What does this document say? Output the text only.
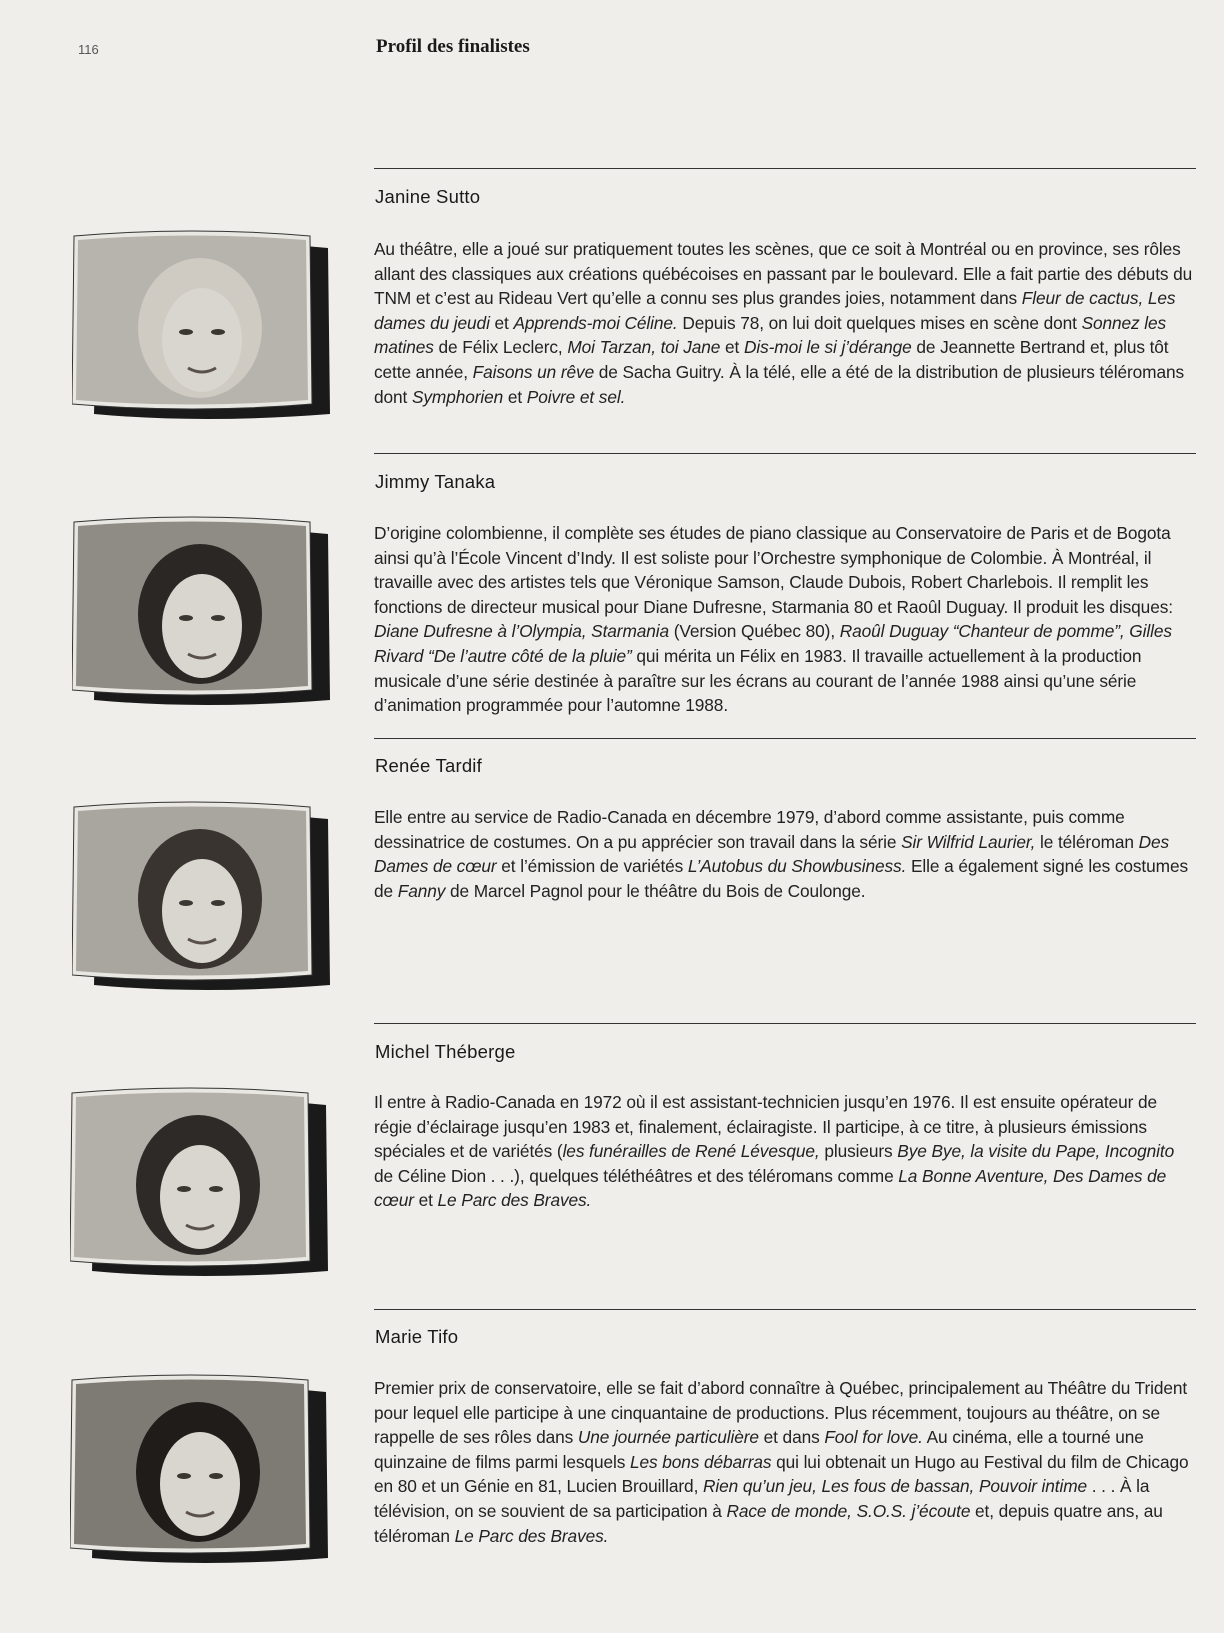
116	Profil des finalistes
Janine Sutto
Au théâtre, elle a joué sur pratiquement toutes les scènes, que ce soit à Montréal ou en province, ses rôles allant des classiques aux créations québécoises en passant par le boulevard. Elle a fait partie des débuts du TNM et c’est au Rideau Vert qu’elle a connu ses plus grandes joies, notamment dans Fleur de cactus, Les dames du jeudi et Apprends-moi Céline. Depuis 78, on lui doit quelques mises en scène dont Sonnez les matines de Félix Leclerc, Moi Tarzan, toi Jane et Dis-moi le si j’dérange de Jeannette Bertrand et, plus tôt cette année, Faisons un rêve de Sacha Guitry. À la télé, elle a été de la distribution de plusieurs téléromans dont Symphorien et Poivre et sel.
Jimmy Tanaka
D’origine colombienne, il complète ses études de piano classique au Conservatoire de Paris et de Bogota ainsi qu’à l’École Vincent d’Indy. Il est soliste pour l’Orchestre symphonique de Colombie. À Montréal, il travaille avec des artistes tels que Véronique Samson, Claude Dubois, Robert Charlebois. Il remplit les fonctions de directeur musical pour Diane Dufresne, Starmania 80 et Raoûl Duguay. Il produit les disques: Diane Dufresne à l’Olympia, Starmania (Version Québec 80), Raoûl Duguay “Chanteur de pomme”, Gilles Rivard “De l’autre côté de la pluie” qui mérita un Félix en 1983. Il travaille actuellement à la production musicale d’une série destinée à paraître sur les écrans au courant de l’année 1988 ainsi qu’une série d’animation programmée pour l’automne 1988.
Renée Tardif
Elle entre au service de Radio-Canada en décembre 1979, d’abord comme assistante, puis comme dessinatrice de costumes. On a pu apprécier son travail dans la série Sir Wilfrid Laurier, le téléroman Des Dames de cœur et l’émission de variétés L’Autobus du Showbusiness. Elle a également signé les costumes de Fanny de Marcel Pagnol pour le théâtre du Bois de Coulonge.
Michel Théberge
Il entre à Radio-Canada en 1972 où il est assistant-technicien jusqu’en 1976. Il est ensuite opérateur de régie d’éclairage jusqu’en 1983 et, finalement, éclairagiste. Il participe, à ce titre, à plusieurs émissions spéciales et de variétés (les funérailles de René Lévesque, plusieurs Bye Bye, la visite du Pape, Incognito de Céline Dion . . .), quelques téléthéâtres et des téléromans comme La Bonne Aventure, Des Dames de cœur et Le Parc des Braves.
Marie Tifo
Premier prix de conservatoire, elle se fait d’abord connaître à Québec, principalement au Théâtre du Trident pour lequel elle participe à une cinquantaine de productions. Plus récemment, toujours au théâtre, on se rappelle de ses rôles dans Une journée particulière et dans Fool for love. Au cinéma, elle a tourné une quinzaine de films parmi lesquels Les bons débarras qui lui obtenait un Hugo au Festival du film de Chicago en 80 et un Génie en 81, Lucien Brouillard, Rien qu’un jeu, Les fous de bassan, Pouvoir intime . . . À la télévision, on se souvient de sa participation à Race de monde, S.O.S. j’écoute et, depuis quatre ans, au téléroman Le Parc des Braves.
